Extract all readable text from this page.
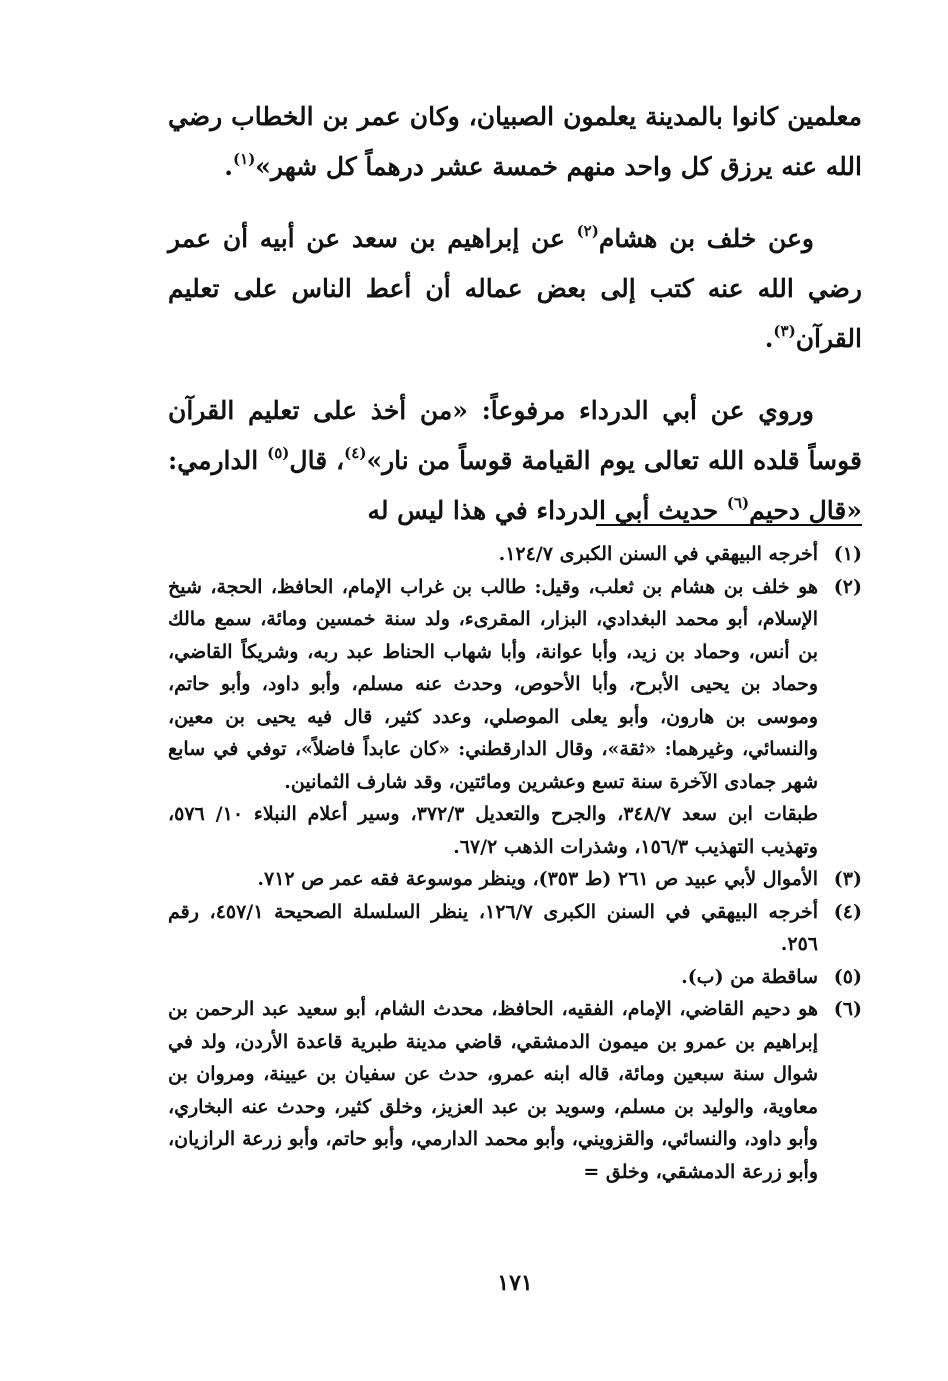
معلمين كانوا بالمدينة يعلمون الصبيان، وكان عمر بن الخطاب رضي الله عنه يرزق كل واحد منهم خمسة عشر درهماً كل شهر»$^{(١)}$.

وعن خلف بن هشام$^{(٢)}$ عن إبراهيم بن سعد عن أبيه أن عمر رضي الله عنه كتب إلى بعض عماله أن أعط الناس على تعليم القرآن$^{(٣)}$.

وروي عن أبي الدرداء مرفوعاً: «من أخذ على تعليم القرآن قوساً قلده الله تعالى يوم القيامة قوساً من نار»$^{(٤)}$، قال$^{(٥)}$ الدارمي: «قال دحيم$^{(٦)}$ حديث أبي الدرداء في هذا ليس له

(١)

أخرجه البيهقي في السنن الكبرى ١٢٤/٧.

(٢)

هو خلف بن هشام بن ثعلب، وقيل: طالب بن غراب الإمام، الحافظ، الحجة، شيخ الإسلام، أبو محمد البغدادي، البزار، المقرىء، ولد سنة خمسين ومائة، سمع مالك بن أنس، وحماد بن زيد، وأبا عوانة، وأبا شهاب الحناط عبد ربه، وشريكاً القاضي، وحماد بن يحيى الأبرح، وأبا الأحوص، وحدث عنه مسلم، وأبو داود، وأبو حاتم، وموسى بن هارون، وأبو يعلى الموصلي، وعدد كثير، قال فيه يحيى بن معين، والنسائي، وغيرهما: «ثقة»، وقال الدارقطني: «كان عابداً فاضلاً»، توفي في سابع شهر جمادى الآخرة سنة تسع وعشرين ومائتين، وقد شارف الثمانين.

طبقات ابن سعد ٣٤٨/٧، والجرح والتعديل ٣٧٢/٣، وسير أعلام النبلاء ١٠/ ٥٧٦، وتهذيب التهذيب ١٥٦/٣، وشذرات الذهب ٦٧/٢.

(٣)

الأموال لأبي عبيد ص ٢٦١ (ط ٣٥٣)، وينظر موسوعة فقه عمر ص ٧١٢.

(٤)

أخرجه البيهقي في السنن الكبرى ١٢٦/٧، ينظر السلسلة الصحيحة ٤٥٧/١، رقم ٢٥٦.

(٥)

ساقطة من (ب).

(٦)

هو دحيم القاضي، الإمام، الفقيه، الحافظ، محدث الشام، أبو سعيد عبد الرحمن بن إبراهيم بن عمرو بن ميمون الدمشقي، قاضي مدينة طبرية قاعدة الأردن، ولد في شوال سنة سبعين ومائة، قاله ابنه عمرو، حدث عن سفيان بن عيينة، ومروان بن معاوية، والوليد بن مسلم، وسويد بن عبد العزيز، وخلق كثير، وحدث عنه البخاري، وأبو داود، والنسائي، والقزويني، وأبو محمد الدارمي، وأبو حاتم، وأبو زرعة الرازيان، وأبو زرعة الدمشقي، وخلق =

١٧١
